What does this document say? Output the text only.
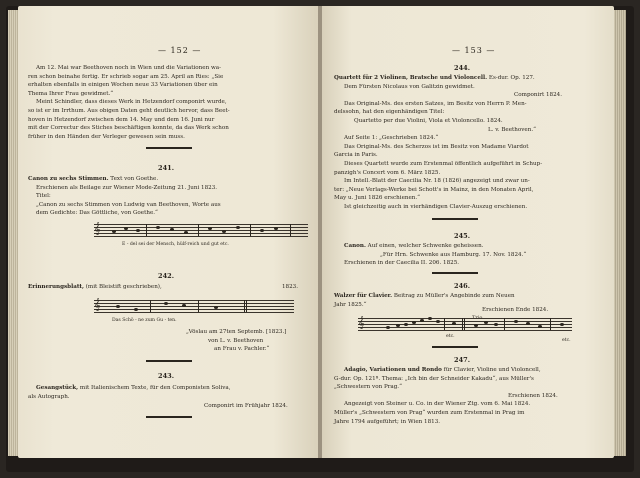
— 152 —
Am 12. Mai war Beethoven noch in Wien und die Variationen wa-
ren schon beinahe fertig. Er schrieb sogar am 25. April an Ries: „Sie
erhalten ebenfalls in einigen Wochen neue 33 Variationen über ein
Thema Ihrer Frau gewidmet.“
Meint Schindler, dass dieses Werk in Hetzendorf componirt wurde,
so ist er im Irrthum. Aus obigen Daten geht deutlich hervor, dass Beet-
hoven in Hetzendorf zwischen dem 14. May und dem 16. Juni nur
mit der Correctur des Stiches beschäftigen konnte, da das Werk schon
früher in den Händen der Verleger gewesen sein muss.
241.
Canon zu sechs Stimmen. Text von Goethe.
Erschienen als Beilage zur Wiener Mode-Zeitung 21. Juni 1823.
Titel:
„Canon zu sechs Stimmen von Ludwig van Beethoven, Worte aus
dem Gedichte: Das Göttliche, von Goethe.“
𝄞
E - del sei der Mensch, hülf-reich und gut etc.
242.
Erinnerungsblatt, (mit Bleistift geschrieben),	1823.
𝄞
Das Schö - ne zum Gu - ten.
„Vöslau am 27ten Septemb. [1823.]
von L. v. Beethoven
an Frau v. Pachler.“
243.
Gesangstück, mit Italienischem Texte, für den Componisten Soliva,
als Autograph.
Componirt im Frühjahr 1824.
— 153 —
244.
Quartett für 2 Violinen, Bratsche und Violoncell. Es-dur. Op. 127.
Dem Fürsten Nicolaus von Galitzin gewidmet.
Componirt 1824.
Das Original-Ms. des ersten Satzes, im Besitz von Herrn P. Men-
delssohn, hat den eigenhändigen Titel:
Quartetto per due Violini, Viola et Violoncello. 1824.
L. v. Beethoven.“
Auf Seite 1: „Geschrieben 1824.“
Das Original-Ms. des Scherzos ist im Besitz von Madame Viardot
Garcia in Paris.
Dieses Quartett wurde zum Erstenmal öffentlich aufgeführt in Schup-
panzigh's Concert vom 6. März 1825.
Im Intell.-Blatt der Caecilia Nr. 18 (1826) angezeigt und zwar un-
ter: „Neue Verlags-Werke bei Schott's in Mainz, in den Monaten April,
May u. Juni 1826 erschienen.“
Ist gleichzeitig auch in vierhändigen Clavier-Auszug erschienen.
245.
Canon. Auf einen, welcher Schwenke geheissen.
„Für Hrn. Schwenke aus Hamburg. 17. Nov. 1824.“
Erschienen in der Caecilia II. 206. 1825.
246.
Walzer für Clavier. Beitrag zu Müller's Angebinde zum Neuen
Jahr 1825.“
Erschienen Ende 1824.
Trio.
𝄞
etc.
etc.
247.
Adagio, Variationen und Rondo für Clavier, Violine und Violoncell,
G-dur. Op. 121ª. Thema: „Ich bin der Schneider Kakadu“, aus Müller's
„Schwestern von Prag.“
Erschienen 1824.
Angezeigt von Steiner u. Co. in der Wiener Ztg. vom 6. Mai 1824.
Müller's „Schwestern von Prag“ wurden zum Erstenmal in Prag im
Jahre 1794 aufgeführt; in Wien 1813.
